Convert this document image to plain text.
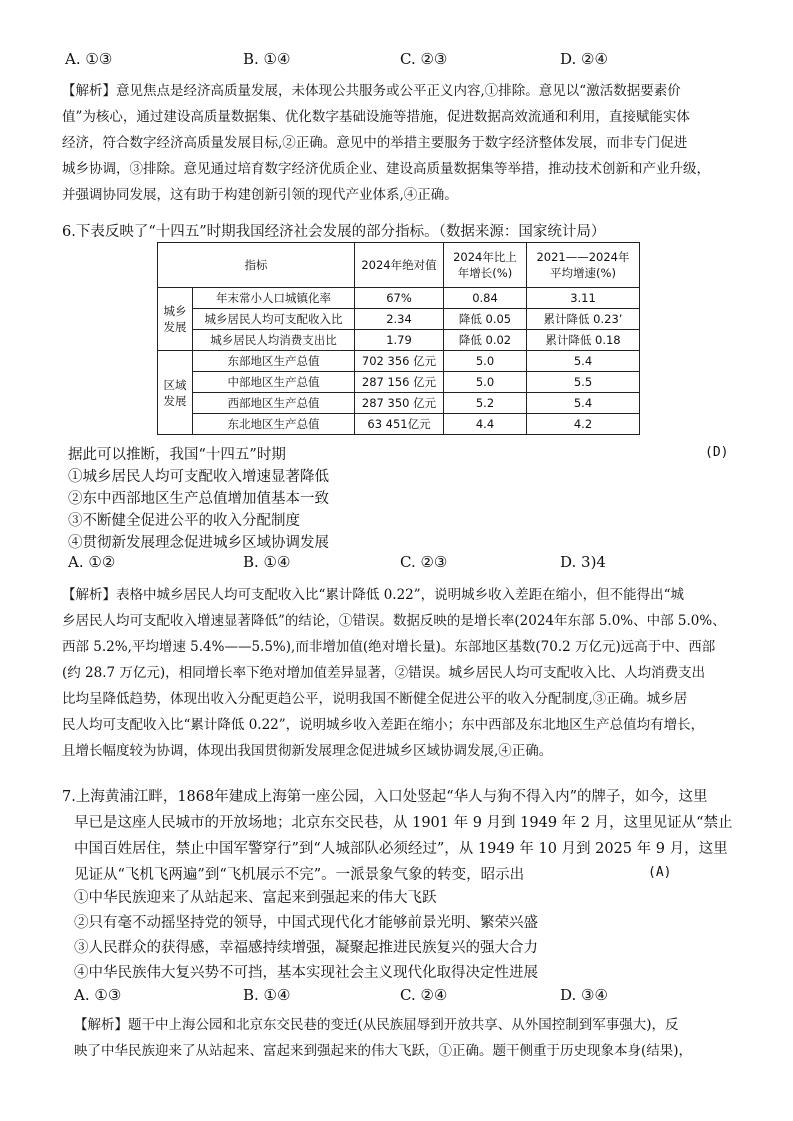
A. ①③	B. ①④	C. ②③	D. ②④
【解析】意见焦点是经济高质量发展，未体现公共服务或公平正义内容,①排除。意见以“激活数据要素价
值”为核心，通过建设高质量数据集、优化数字基础设施等措施，促进数据高效流通和利用，直接赋能实体
经济，符合数字经济高质量发展目标,②正确。意见中的举措主要服务于数字经济整体发展，而非专门促进
城乡协调，③排除。意见通过培育数字经济优质企业、建设高质量数据集等举措，推动技术创新和产业升级，
并强调协同发展，这有助于构建创新引领的现代产业体系,④正确。
6.下表反映了“十四五”时期我国经济社会发展的部分指标。（数据来源：国家统计局）
指标		2024年绝对值	2024年比上年增长(%)	2021——2024年平均增速(%)
城乡发展	年末常小人口城镇化率	67%	0.84	3.11
	城乡居民人均可支配收入比	2.34	降低 0.05	累计降低 0.23’
	城乡居民人均消费支出比	1.79	降低 0.02	累计降低 0.18
区域发展	东部地区生产总值	702 356 亿元	5.0	5.4
	中部地区生产总值	287 156 亿元	5.0	5.5
	西部地区生产总值	287 350 亿元	5.2	5.4
	东北地区生产总值	63 451亿元	4.4	4.2
据此可以推断，我国“十四五”时期	(D)
①城乡居民人均可支配收入增速显著降低
②东中西部地区生产总值增加值基本一致
③不断健全促进公平的收入分配制度
④贯彻新发展理念促进城乡区域协调发展
A. ①②	B. ①④	C. ②③	D. 3)4
【解析】表格中城乡居民人均可支配收入比“累计降低 0.22”，说明城乡收入差距在缩小，但不能得出“城
乡居民人均可支配收入增速显著降低”的结论，①错误。数据反映的是增长率(2024年东部 5.0%、中部 5.0%、
西部 5.2%,平均增速 5.4%——5.5%),而非增加值(绝对增长量)。东部地区基数(70.2 万亿元)远高于中、西部
(约 28.7 万亿元)，相同增长率下绝对增加值差异显著，②错误。城乡居民人均可支配收入比、人均消费支出
比均呈降低趋势，体现出收入分配更趋公平，说明我国不断健全促进公平的收入分配制度,③正确。城乡居
民人均可支配收入比“累计降低 0.22”，说明城乡收入差距在缩小；东中西部及东北地区生产总值均有增长，
且增长幅度较为协调，体现出我国贯彻新发展理念促进城乡区域协调发展,④正确。
7.上海黄浦江畔，1868年建成上海第一座公园，入口处竖起“华人与狗不得入内”的牌子，如今，这里
早已是这座人民城市的开放场地；北京东交民巷，从 1901 年 9 月到 1949 年 2 月，这里见证从“禁止
中国百姓居住，禁止中国军警穿行”到“人城部队必须经过”，从 1949 年 10 月到 2025 年 9 月，这里
见证从“飞机飞两遍”到“飞机展示不完”。一派景象气象的转变，昭示出	(A)
①中华民族迎来了从站起来、富起来到强起来的伟大飞跃
②只有毫不动摇坚持党的领导，中国式现代化才能够前景光明、繁荣兴盛
③人民群众的获得感，幸福感持续增强，凝聚起推进民族复兴的强大合力
④中华民族伟大复兴势不可挡，基本实现社会主义现代化取得决定性进展
A. ①③	B. ①④	C. ②④	D. ③④
【解析】题干中上海公园和北京东交民巷的变迁(从民族屈辱到开放共享、从外国控制到军事强大)，反
映了中华民族迎来了从站起来、富起来到强起来的伟大飞跃，①正确。题干侧重于历史现象本身(结果)，
